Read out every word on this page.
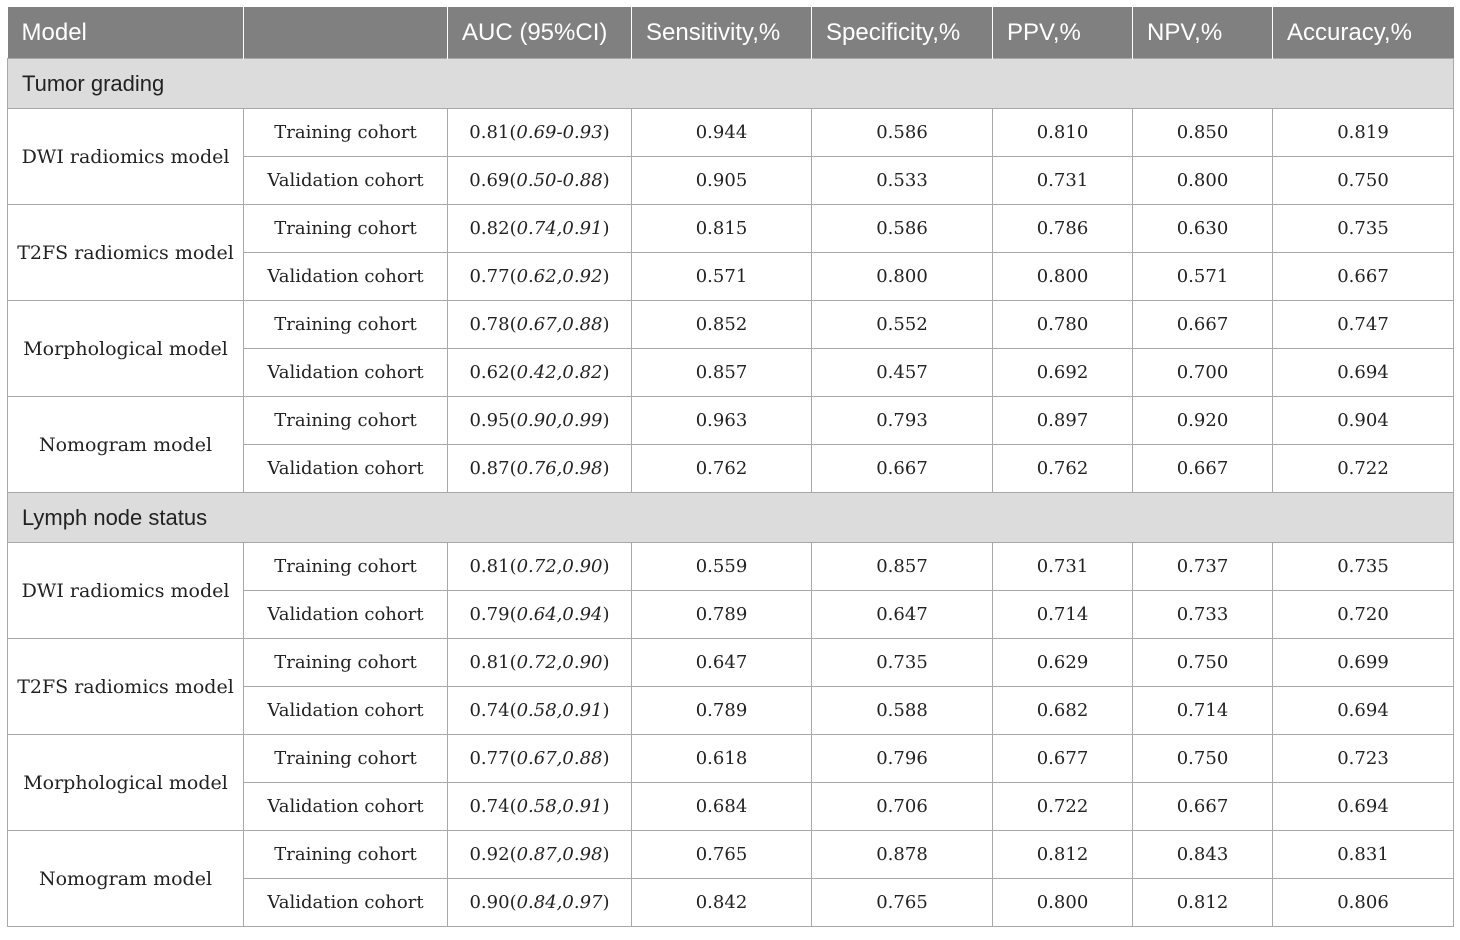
Model		AUC (95%CI)	Sensitivity,%	Specificity,%	PPV,%	NPV,%	Accuracy,%
Tumor grading							
DWI radiomics model	Training cohort	0.81(0.69-0.93)	0.944	0.586	0.810	0.850	0.819
	Validation cohort	0.69(0.50-0.88)	0.905	0.533	0.731	0.800	0.750
T2FS radiomics model	Training cohort	0.82(0.74,0.91)	0.815	0.586	0.786	0.630	0.735
	Validation cohort	0.77(0.62,0.92)	0.571	0.800	0.800	0.571	0.667
Morphological model	Training cohort	0.78(0.67,0.88)	0.852	0.552	0.780	0.667	0.747
	Validation cohort	0.62(0.42,0.82)	0.857	0.457	0.692	0.700	0.694
Nomogram model	Training cohort	0.95(0.90,0.99)	0.963	0.793	0.897	0.920	0.904
	Validation cohort	0.87(0.76,0.98)	0.762	0.667	0.762	0.667	0.722
Lymph node status							
DWI radiomics model	Training cohort	0.81(0.72,0.90)	0.559	0.857	0.731	0.737	0.735
	Validation cohort	0.79(0.64,0.94)	0.789	0.647	0.714	0.733	0.720
T2FS radiomics model	Training cohort	0.81(0.72,0.90)	0.647	0.735	0.629	0.750	0.699
	Validation cohort	0.74(0.58,0.91)	0.789	0.588	0.682	0.714	0.694
Morphological model	Training cohort	0.77(0.67,0.88)	0.618	0.796	0.677	0.750	0.723
	Validation cohort	0.74(0.58,0.91)	0.684	0.706	0.722	0.667	0.694
Nomogram model	Training cohort	0.92(0.87,0.98)	0.765	0.878	0.812	0.843	0.831
	Validation cohort	0.90(0.84,0.97)	0.842	0.765	0.800	0.812	0.806
